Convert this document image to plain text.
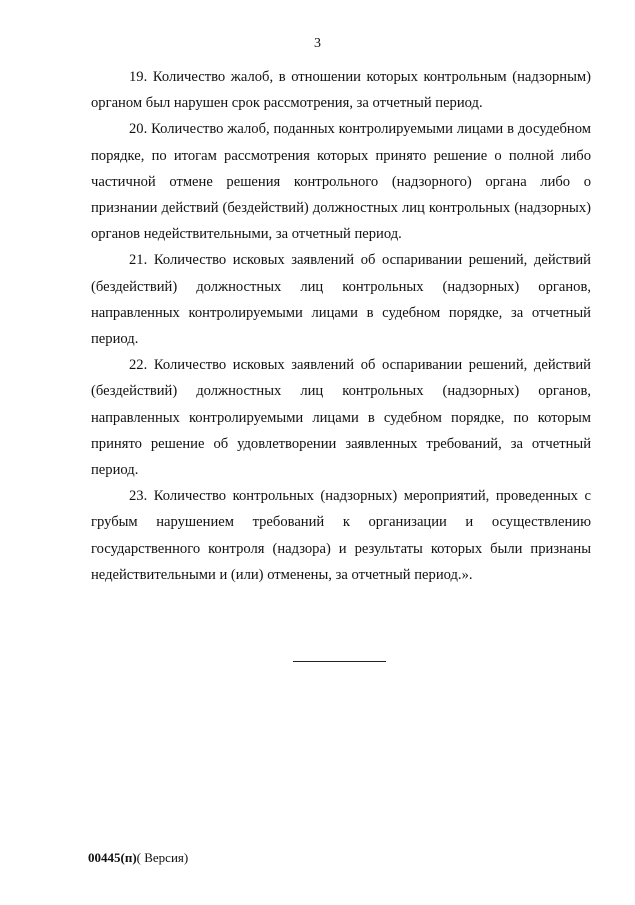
3

19. Количество жалоб, в отношении которых контрольным (надзорным) органом был нарушен срок рассмотрения, за отчетный период.

20. Количество жалоб, поданных контролируемыми лицами в досудебном порядке, по итогам рассмотрения которых принято решение о полной либо частичной отмене решения контрольного (надзорного) органа либо о признании действий (бездействий) должностных лиц контрольных (надзорных) органов недействительными, за отчетный период.

21. Количество исковых заявлений об оспаривании решений, действий (бездействий) должностных лиц контрольных (надзорных) органов, направленных контролируемыми лицами в судебном порядке, за отчетный период.

22. Количество исковых заявлений об оспаривании решений, действий (бездействий) должностных лиц контрольных (надзорных) органов, направленных контролируемыми лицами в судебном порядке, по которым принято решение об удовлетворении заявленных требований, за отчетный период.

23. Количество контрольных (надзорных) мероприятий, проведенных с грубым нарушением требований к организации и осуществлению государственного контроля (надзора) и результаты которых были признаны недействительными и (или) отменены, за отчетный период.».

00445(п)( Версия)
